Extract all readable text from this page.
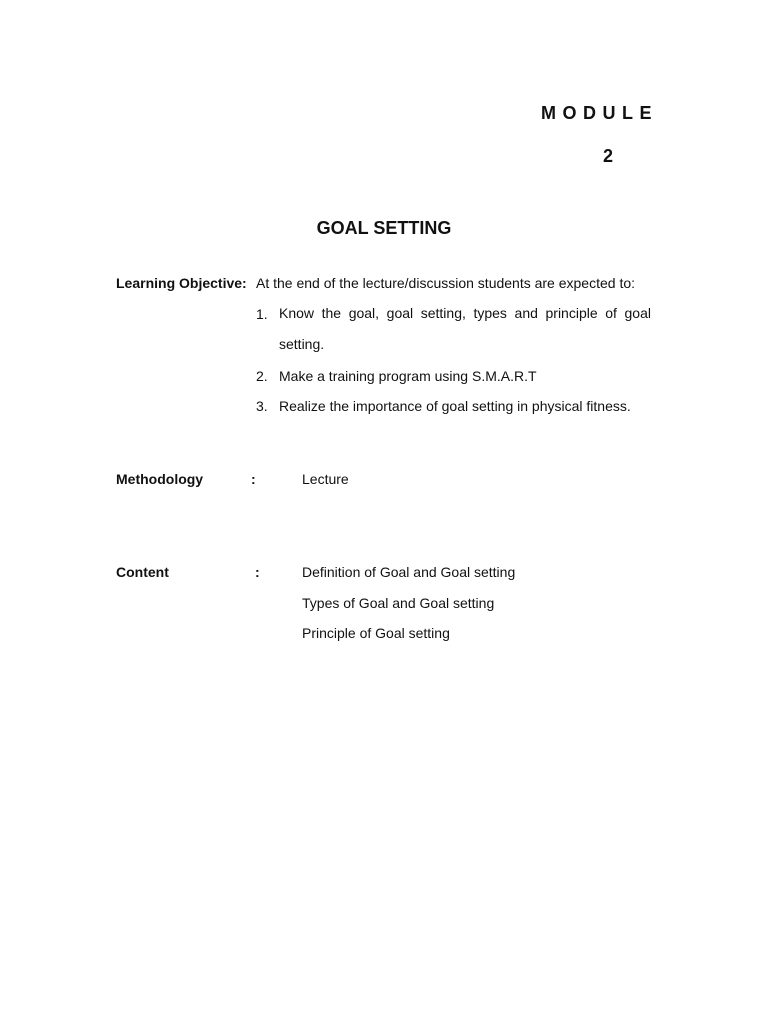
MODULE
2
GOAL SETTING
Learning Objective: At the end of the lecture/discussion students are expected to:
1. Know the goal, goal setting, types and principle of goal setting.
2. Make a training program using S.M.A.R.T
3. Realize the importance of goal setting in physical fitness.
Methodology	:	Lecture
Content	:	Definition of Goal and Goal setting
Types of Goal and Goal setting
Principle of Goal setting
